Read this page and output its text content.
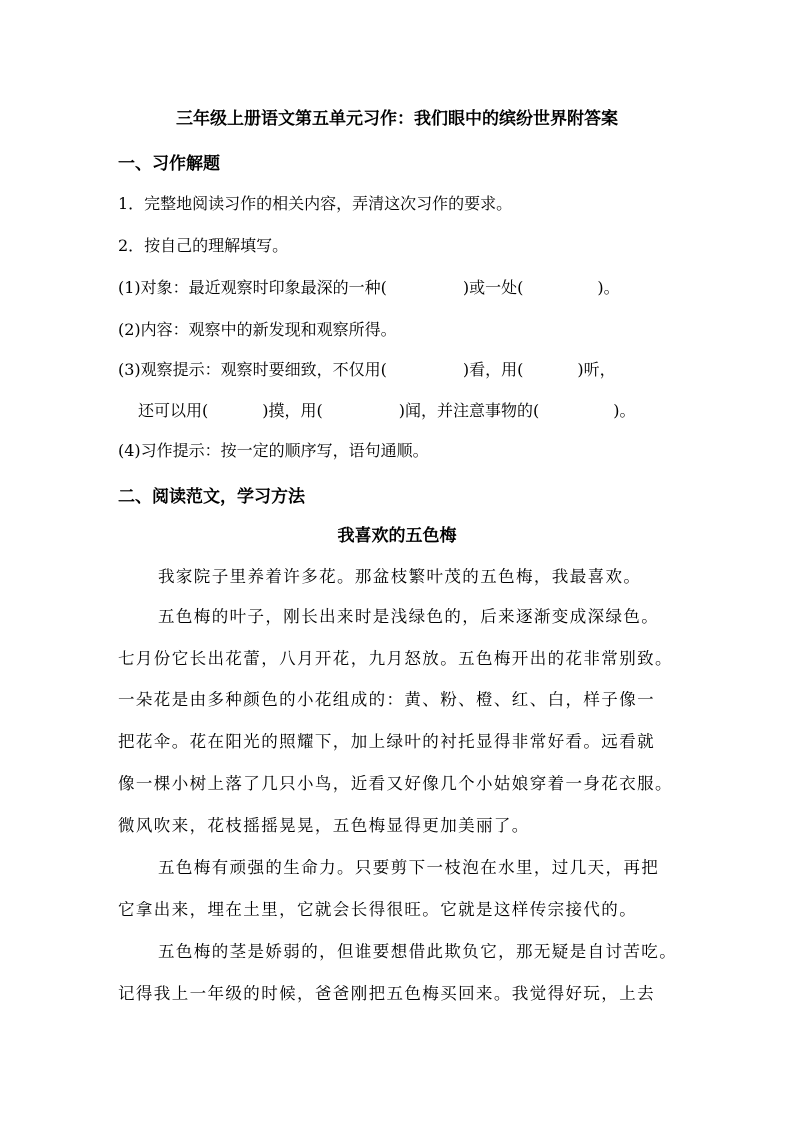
三年级上册语文第五单元习作：我们眼中的缤纷世界附答案
一、习作解题
1．完整地阅读习作的相关内容，弄清这次习作的要求。
2．按自己的理解填写。
(1)对象：最近观察时印象最深的一种(	)或一处(	)。
(2)内容：观察中的新发现和观察所得。
(3)观察提示：观察时要细致，不仅用(	)看，用(	)听，
还可以用(	)摸，用(	)闻，并注意事物的(	)。
(4)习作提示：按一定的顺序写，语句通顺。
二、阅读范文，学习方法
我喜欢的五色梅
我家院子里养着许多花。那盆枝繁叶茂的五色梅，我最喜欢。
五色梅的叶子，刚长出来时是浅绿色的，后来逐渐变成深绿色。
七月份它长出花蕾，八月开花，九月怒放。五色梅开出的花非常别致。
一朵花是由多种颜色的小花组成的：黄、粉、橙、红、白，样子像一
把花伞。花在阳光的照耀下，加上绿叶的衬托显得非常好看。远看就
像一棵小树上落了几只小鸟，近看又好像几个小姑娘穿着一身花衣服。
微风吹来，花枝摇摇晃晃，五色梅显得更加美丽了。
五色梅有顽强的生命力。只要剪下一枝泡在水里，过几天，再把
它拿出来，埋在土里，它就会长得很旺。它就是这样传宗接代的。
五色梅的茎是娇弱的，但谁要想借此欺负它，那无疑是自讨苦吃。
记得我上一年级的时候，爸爸刚把五色梅买回来。我觉得好玩，上去
